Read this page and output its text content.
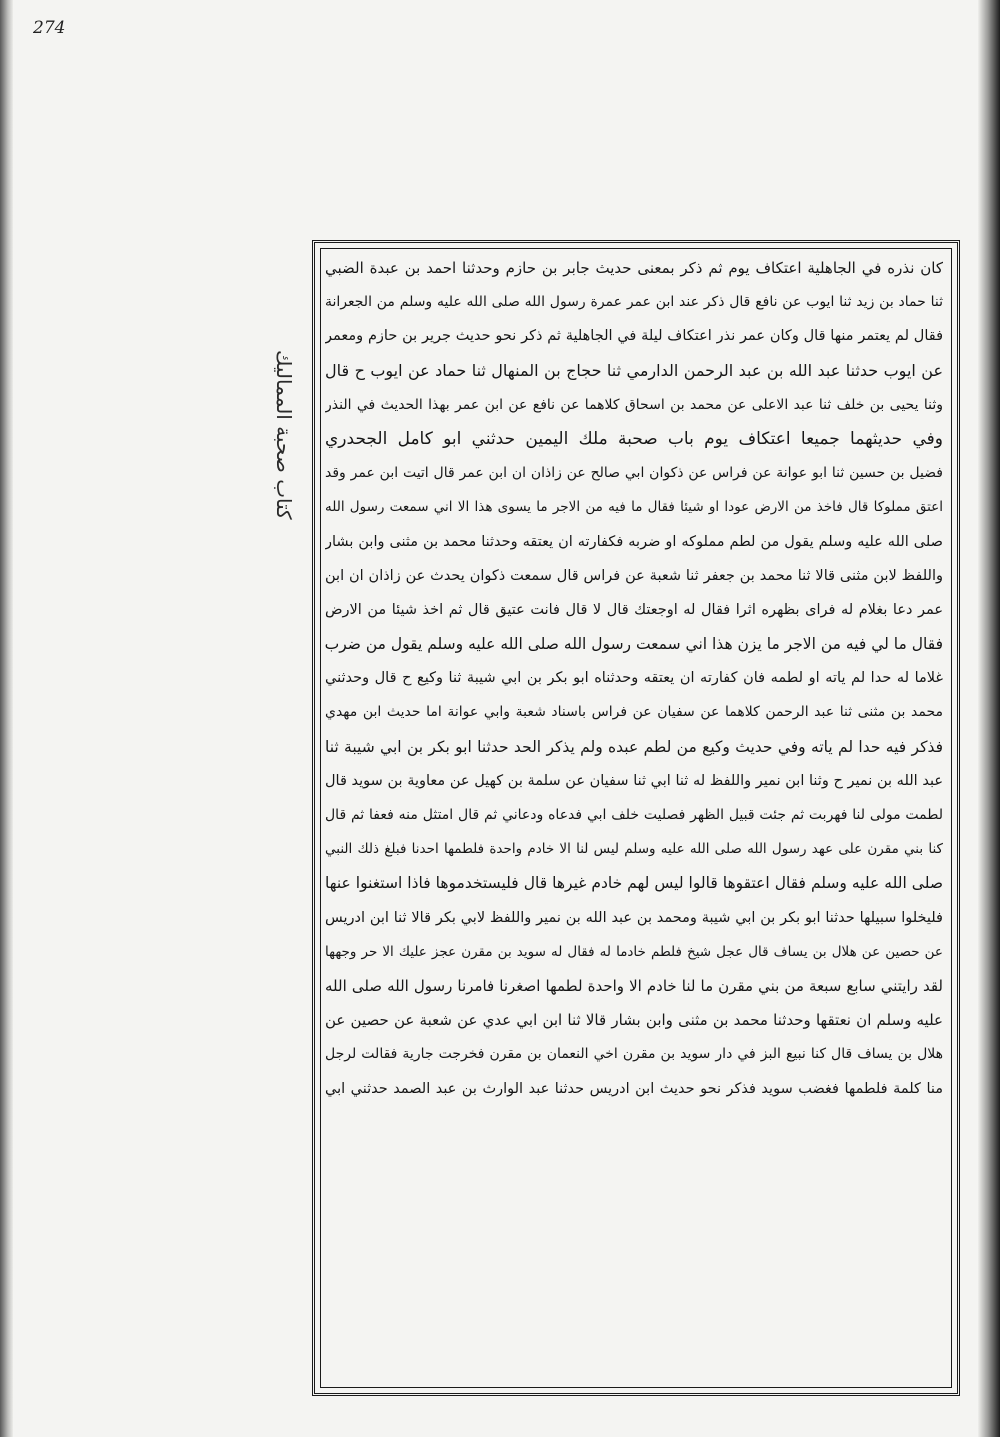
274
كتاب صحبة المماليك
كان نذره في الجاهلية اعتكاف يوم ثم ذكر بمعنى حديث جابر بن حازم وحدثنا احمد بن عبدة الضبي
ثنا حماد بن زيد ثنا ايوب عن نافع قال ذكر عند ابن عمر عمرة رسول الله صلى الله عليه وسلم من الجعرانة
فقال لم يعتمر منها قال وكان عمر نذر اعتكاف ليلة في الجاهلية ثم ذكر نحو حديث جرير بن حازم ومعمر
عن ايوب حدثنا عبد الله بن عبد الرحمن الدارمي ثنا حجاج بن المنهال ثنا حماد عن ايوب ح قال
وثنا يحيى بن خلف ثنا عبد الاعلى عن محمد بن اسحاق كلاهما عن نافع عن ابن عمر بهذا الحديث في النذر
وفي حديثهما جميعا اعتكاف يوم باب صحبة ملك اليمين حدثني ابو كامل الجحدري
فضيل بن حسين ثنا ابو عوانة عن فراس عن ذكوان ابي صالح عن زاذان ان ابن عمر قال اتيت ابن عمر وقد
اعتق مملوكا قال فاخذ من الارض عودا او شيئا فقال ما فيه من الاجر ما يسوى هذا الا اني سمعت رسول الله
صلى الله عليه وسلم يقول من لطم مملوكه او ضربه فكفارته ان يعتقه وحدثنا محمد بن مثنى وابن بشار
واللفظ لابن مثنى قالا ثنا محمد بن جعفر ثنا شعبة عن فراس قال سمعت ذكوان يحدث عن زاذان ان ابن
عمر دعا بغلام له فراى بظهره اثرا فقال له اوجعتك قال لا قال فانت عتيق قال ثم اخذ شيئا من الارض
فقال ما لي فيه من الاجر ما يزن هذا اني سمعت رسول الله صلى الله عليه وسلم يقول من ضرب
غلاما له حدا لم ياته او لطمه فان كفارته ان يعتقه وحدثناه ابو بكر بن ابي شيبة ثنا وكيع ح قال وحدثني
محمد بن مثنى ثنا عبد الرحمن كلاهما عن سفيان عن فراس باسناد شعبة وابي عوانة اما حديث ابن مهدي
فذكر فيه حدا لم ياته وفي حديث وكيع من لطم عبده ولم يذكر الحد حدثنا ابو بكر بن ابي شيبة ثنا
عبد الله بن نمير ح وثنا ابن نمير واللفظ له ثنا ابي ثنا سفيان عن سلمة بن كهيل عن معاوية بن سويد قال
لطمت مولى لنا فهربت ثم جئت قبيل الظهر فصليت خلف ابي فدعاه ودعاني ثم قال امتثل منه فعفا ثم قال
كنا بني مقرن على عهد رسول الله صلى الله عليه وسلم ليس لنا الا خادم واحدة فلطمها احدنا فبلغ ذلك النبي
صلى الله عليه وسلم فقال اعتقوها قالوا ليس لهم خادم غيرها قال فليستخدموها فاذا استغنوا عنها
فليخلوا سبيلها حدثنا ابو بكر بن ابي شيبة ومحمد بن عبد الله بن نمير واللفظ لابي بكر قالا ثنا ابن ادريس
عن حصين عن هلال بن يساف قال عجل شيخ فلطم خادما له فقال له سويد بن مقرن عجز عليك الا حر وجهها
لقد رايتني سابع سبعة من بني مقرن ما لنا خادم الا واحدة لطمها اصغرنا فامرنا رسول الله صلى الله
عليه وسلم ان نعتقها وحدثنا محمد بن مثنى وابن بشار قالا ثنا ابن ابي عدي عن شعبة عن حصين عن
هلال بن يساف قال كنا نبيع البز في دار سويد بن مقرن اخي النعمان بن مقرن فخرجت جارية فقالت لرجل
منا كلمة فلطمها فغضب سويد فذكر نحو حديث ابن ادريس حدثنا عبد الوارث بن عبد الصمد حدثني ابي
